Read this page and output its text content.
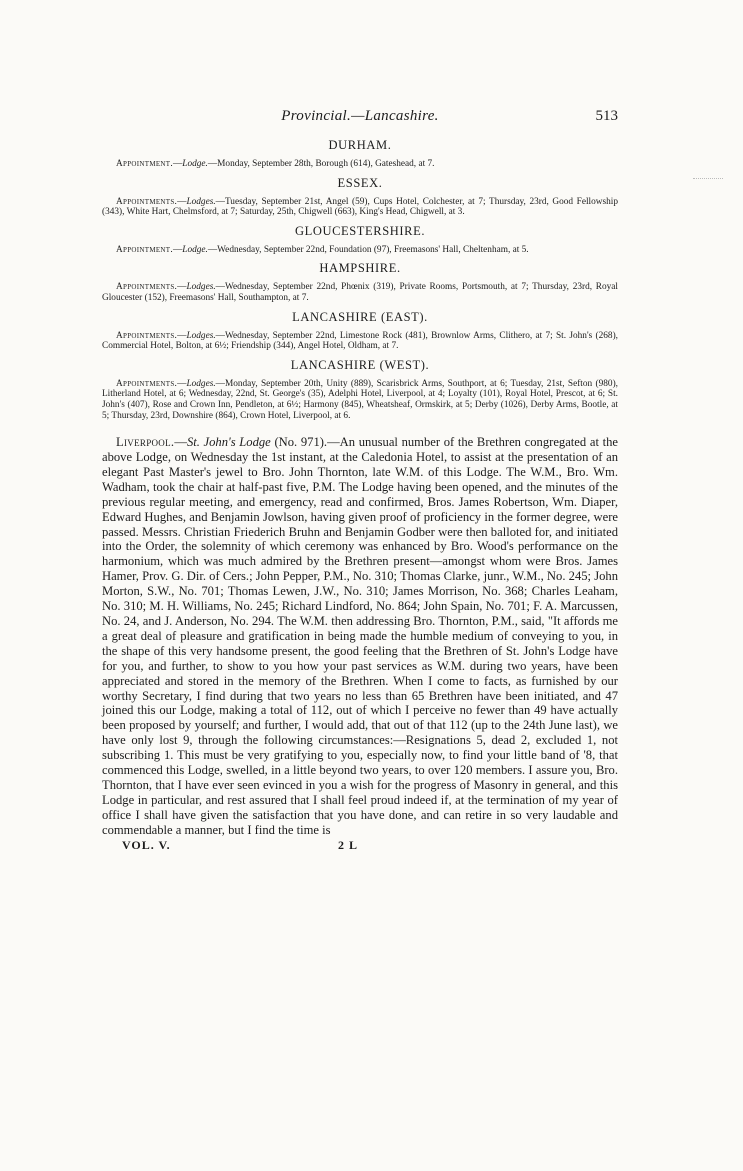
Provincial.—Lancashire.	513
DURHAM.

Appointment.—Lodge.—Monday, September 28th, Borough (614), Gateshead, at 7.

ESSEX.

Appointments.—Lodges.—Tuesday, September 21st, Angel (59), Cups Hotel, Colchester, at 7; Thursday, 23rd, Good Fellowship (343), White Hart, Chelmsford, at 7; Saturday, 25th, Chigwell (663), King's Head, Chigwell, at 3.

GLOUCESTERSHIRE.

Appointment.—Lodge.—Wednesday, September 22nd, Foundation (97), Freemasons' Hall, Cheltenham, at 5.

HAMPSHIRE.

Appointments.—Lodges.—Wednesday, September 22nd, Phœnix (319), Private Rooms, Portsmouth, at 7; Thursday, 23rd, Royal Gloucester (152), Freemasons' Hall, Southampton, at 7.

LANCASHIRE (EAST).

Appointments.—Lodges.—Wednesday, September 22nd, Limestone Rock (481), Brownlow Arms, Clithero, at 7; St. John's (268), Commercial Hotel, Bolton, at 6½; Friendship (344), Angel Hotel, Oldham, at 7.

LANCASHIRE (WEST).

Appointments.—Lodges.—Monday, September 20th, Unity (889), Scarisbrick Arms, Southport, at 6; Tuesday, 21st, Sefton (980), Litherland Hotel, at 6; Wednesday, 22nd, St. George's (35), Adelphi Hotel, Liverpool, at 4; Loyalty (101), Royal Hotel, Prescot, at 6; St. John's (407), Rose and Crown Inn, Pendleton, at 6½; Harmony (845), Wheatsheaf, Ormskirk, at 5; Derby (1026), Derby Arms, Bootle, at 5; Thursday, 23rd, Downshire (864), Crown Hotel, Liverpool, at 6.

Liverpool.—St. John's Lodge (No. 971).—An unusual number of the Brethren congregated at the above Lodge, on Wednesday the 1st instant, at the Caledonia Hotel, to assist at the presentation of an elegant Past Master's jewel to Bro. John Thornton, late W.M. of this Lodge. The W.M., Bro. Wm. Wadham, took the chair at half-past five, P.M. The Lodge having been opened, and the minutes of the previous regular meeting, and emergency, read and confirmed, Bros. James Robertson, Wm. Diaper, Edward Hughes, and Benjamin Jowlson, having given proof of proficiency in the former degree, were passed. Messrs. Christian Friederich Bruhn and Benjamin Godber were then balloted for, and initiated into the Order, the solemnity of which ceremony was enhanced by Bro. Wood's performance on the harmonium, which was much admired by the Brethren present—amongst whom were Bros. James Hamer, Prov. G. Dir. of Cers.; John Pepper, P.M., No. 310; Thomas Clarke, junr., W.M., No. 245; John Morton, S.W., No. 701; Thomas Lewen, J.W., No. 310; James Morrison, No. 368; Charles Leaham, No. 310; M. H. Williams, No. 245; Richard Lindford, No. 864; John Spain, No. 701; F. A. Marcussen, No. 24, and J. Anderson, No. 294. The W.M. then addressing Bro. Thornton, P.M., said, "It affords me a great deal of pleasure and gratification in being made the humble medium of conveying to you, in the shape of this very handsome present, the good feeling that the Brethren of St. John's Lodge have for you, and further, to show to you how your past services as W.M. during two years, have been appreciated and stored in the memory of the Brethren. When I come to facts, as furnished by our worthy Secretary, I find during that two years no less than 65 Brethren have been initiated, and 47 joined this our Lodge, making a total of 112, out of which I perceive no fewer than 49 have actually been proposed by yourself; and further, I would add, that out of that 112 (up to the 24th June last), we have only lost 9, through the following circumstances:—Resignations 5, dead 2, excluded 1, not subscribing 1. This must be very gratifying to you, especially now, to find your little band of '8, that commenced this Lodge, swelled, in a little beyond two years, to over 120 members. I assure you, Bro. Thornton, that I have ever seen evinced in you a wish for the progress of Masonry in general, and this Lodge in particular, and rest assured that I shall feel proud indeed if, at the termination of my year of office I shall have given the satisfaction that you have done, and can retire in so very laudable and commendable a manner, but I find the time is

VOL. V.	2 L
